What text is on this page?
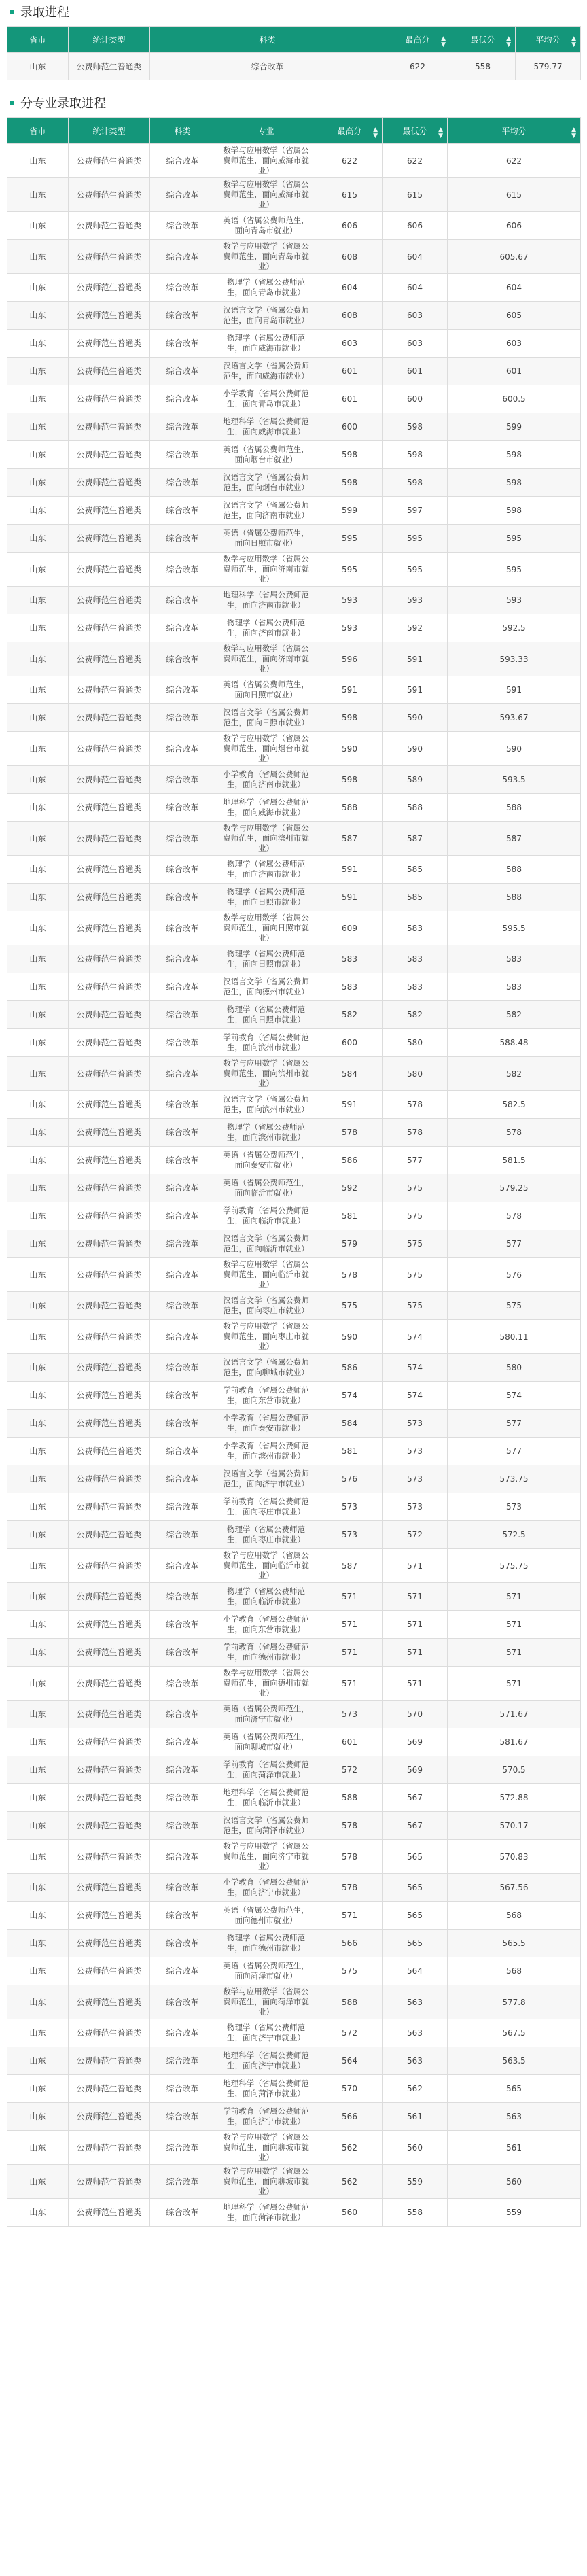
录取进程
省市	统计类型	科类	最高分 ▲
▼	最低分 ▲
▼	平均分 ▲
▼

山东	公费师范生普通类	综合改革	622	558	579.77
分专业录取进程
省市	统计类型	科类	专业	最高分 ▲
▼	最低分 ▲
▼	平均分 ▲
▼

山东	公费师范生普通类	综合改革	数学与应用数学（省属公费师范生，面向威海市就业）	622	622	622
山东	公费师范生普通类	综合改革	数学与应用数学（省属公费师范生，面向威海市就业）	615	615	615
山东	公费师范生普通类	综合改革	英语（省属公费师范生，面向青岛市就业）	606	606	606
山东	公费师范生普通类	综合改革	数学与应用数学（省属公费师范生，面向青岛市就业）	608	604	605.67
山东	公费师范生普通类	综合改革	物理学（省属公费师范生，面向青岛市就业）	604	604	604
山东	公费师范生普通类	综合改革	汉语言文学（省属公费师范生，面向青岛市就业）	608	603	605
山东	公费师范生普通类	综合改革	物理学（省属公费师范生，面向威海市就业）	603	603	603
山东	公费师范生普通类	综合改革	汉语言文学（省属公费师范生，面向威海市就业）	601	601	601
山东	公费师范生普通类	综合改革	小学教育（省属公费师范生，面向青岛市就业）	601	600	600.5
山东	公费师范生普通类	综合改革	地理科学（省属公费师范生，面向威海市就业）	600	598	599
山东	公费师范生普通类	综合改革	英语（省属公费师范生，面向烟台市就业）	598	598	598
山东	公费师范生普通类	综合改革	汉语言文学（省属公费师范生，面向烟台市就业）	598	598	598
山东	公费师范生普通类	综合改革	汉语言文学（省属公费师范生，面向济南市就业）	599	597	598
山东	公费师范生普通类	综合改革	英语（省属公费师范生，面向日照市就业）	595	595	595
山东	公费师范生普通类	综合改革	数学与应用数学（省属公费师范生，面向济南市就业）	595	595	595
山东	公费师范生普通类	综合改革	地理科学（省属公费师范生，面向济南市就业）	593	593	593
山东	公费师范生普通类	综合改革	物理学（省属公费师范生，面向济南市就业）	593	592	592.5
山东	公费师范生普通类	综合改革	数学与应用数学（省属公费师范生，面向济南市就业）	596	591	593.33
山东	公费师范生普通类	综合改革	英语（省属公费师范生，面向日照市就业）	591	591	591
山东	公费师范生普通类	综合改革	汉语言文学（省属公费师范生，面向日照市就业）	598	590	593.67
山东	公费师范生普通类	综合改革	数学与应用数学（省属公费师范生，面向烟台市就业）	590	590	590
山东	公费师范生普通类	综合改革	小学教育（省属公费师范生，面向济南市就业）	598	589	593.5
山东	公费师范生普通类	综合改革	地理科学（省属公费师范生，面向威海市就业）	588	588	588
山东	公费师范生普通类	综合改革	数学与应用数学（省属公费师范生，面向滨州市就业）	587	587	587
山东	公费师范生普通类	综合改革	物理学（省属公费师范生，面向济南市就业）	591	585	588
山东	公费师范生普通类	综合改革	物理学（省属公费师范生，面向日照市就业）	591	585	588
山东	公费师范生普通类	综合改革	数学与应用数学（省属公费师范生，面向日照市就业）	609	583	595.5
山东	公费师范生普通类	综合改革	物理学（省属公费师范生，面向日照市就业）	583	583	583
山东	公费师范生普通类	综合改革	汉语言文学（省属公费师范生，面向德州市就业）	583	583	583
山东	公费师范生普通类	综合改革	物理学（省属公费师范生，面向日照市就业）	582	582	582
山东	公费师范生普通类	综合改革	学前教育（省属公费师范生，面向滨州市就业）	600	580	588.48
山东	公费师范生普通类	综合改革	数学与应用数学（省属公费师范生，面向滨州市就业）	584	580	582
山东	公费师范生普通类	综合改革	汉语言文学（省属公费师范生，面向滨州市就业）	591	578	582.5
山东	公费师范生普通类	综合改革	物理学（省属公费师范生，面向滨州市就业）	578	578	578
山东	公费师范生普通类	综合改革	英语（省属公费师范生，面向泰安市就业）	586	577	581.5
山东	公费师范生普通类	综合改革	英语（省属公费师范生，面向临沂市就业）	592	575	579.25
山东	公费师范生普通类	综合改革	学前教育（省属公费师范生，面向临沂市就业）	581	575	578
山东	公费师范生普通类	综合改革	汉语言文学（省属公费师范生，面向临沂市就业）	579	575	577
山东	公费师范生普通类	综合改革	数学与应用数学（省属公费师范生，面向临沂市就业）	578	575	576
山东	公费师范生普通类	综合改革	汉语言文学（省属公费师范生，面向枣庄市就业）	575	575	575
山东	公费师范生普通类	综合改革	数学与应用数学（省属公费师范生，面向枣庄市就业）	590	574	580.11
山东	公费师范生普通类	综合改革	汉语言文学（省属公费师范生，面向聊城市就业）	586	574	580
山东	公费师范生普通类	综合改革	学前教育（省属公费师范生，面向东营市就业）	574	574	574
山东	公费师范生普通类	综合改革	小学教育（省属公费师范生，面向泰安市就业）	584	573	577
山东	公费师范生普通类	综合改革	小学教育（省属公费师范生，面向滨州市就业）	581	573	577
山东	公费师范生普通类	综合改革	汉语言文学（省属公费师范生，面向济宁市就业）	576	573	573.75
山东	公费师范生普通类	综合改革	学前教育（省属公费师范生，面向枣庄市就业）	573	573	573
山东	公费师范生普通类	综合改革	物理学（省属公费师范生，面向枣庄市就业）	573	572	572.5
山东	公费师范生普通类	综合改革	数学与应用数学（省属公费师范生，面向临沂市就业）	587	571	575.75
山东	公费师范生普通类	综合改革	物理学（省属公费师范生，面向临沂市就业）	571	571	571
山东	公费师范生普通类	综合改革	小学教育（省属公费师范生，面向东营市就业）	571	571	571
山东	公费师范生普通类	综合改革	学前教育（省属公费师范生，面向德州市就业）	571	571	571
山东	公费师范生普通类	综合改革	数学与应用数学（省属公费师范生，面向德州市就业）	571	571	571
山东	公费师范生普通类	综合改革	英语（省属公费师范生，面向济宁市就业）	573	570	571.67
山东	公费师范生普通类	综合改革	英语（省属公费师范生，面向聊城市就业）	601	569	581.67
山东	公费师范生普通类	综合改革	学前教育（省属公费师范生，面向菏泽市就业）	572	569	570.5
山东	公费师范生普通类	综合改革	地理科学（省属公费师范生，面向临沂市就业）	588	567	572.88
山东	公费师范生普通类	综合改革	汉语言文学（省属公费师范生，面向菏泽市就业）	578	567	570.17
山东	公费师范生普通类	综合改革	数学与应用数学（省属公费师范生，面向济宁市就业）	578	565	570.83
山东	公费师范生普通类	综合改革	小学教育（省属公费师范生，面向济宁市就业）	578	565	567.56
山东	公费师范生普通类	综合改革	英语（省属公费师范生，面向德州市就业）	571	565	568
山东	公费师范生普通类	综合改革	物理学（省属公费师范生，面向德州市就业）	566	565	565.5
山东	公费师范生普通类	综合改革	英语（省属公费师范生，面向菏泽市就业）	575	564	568
山东	公费师范生普通类	综合改革	数学与应用数学（省属公费师范生，面向菏泽市就业）	588	563	577.8
山东	公费师范生普通类	综合改革	物理学（省属公费师范生，面向济宁市就业）	572	563	567.5
山东	公费师范生普通类	综合改革	地理科学（省属公费师范生，面向济宁市就业）	564	563	563.5
山东	公费师范生普通类	综合改革	地理科学（省属公费师范生，面向菏泽市就业）	570	562	565
山东	公费师范生普通类	综合改革	学前教育（省属公费师范生，面向济宁市就业）	566	561	563
山东	公费师范生普通类	综合改革	数学与应用数学（省属公费师范生，面向聊城市就业）	562	560	561
山东	公费师范生普通类	综合改革	数学与应用数学（省属公费师范生，面向聊城市就业）	562	559	560
山东	公费师范生普通类	综合改革	地理科学（省属公费师范生，面向菏泽市就业）	560	558	559
